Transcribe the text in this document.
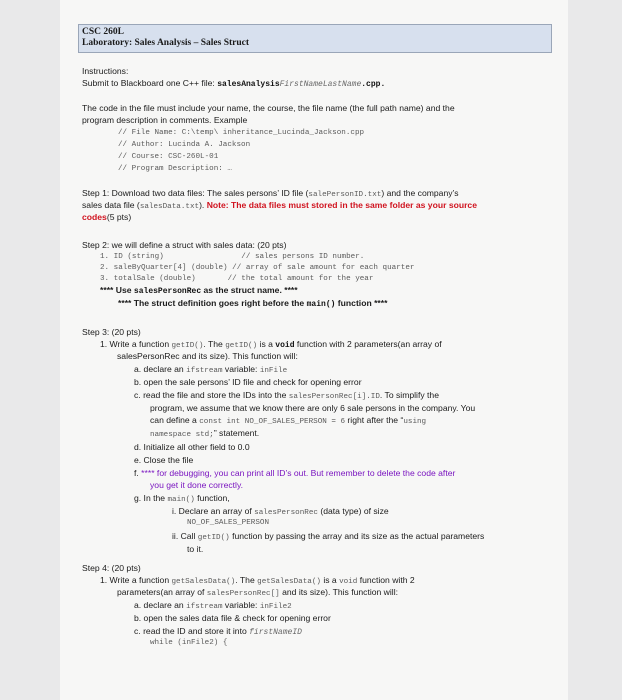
CSC 260L
Laboratory: Sales Analysis – Sales Struct
Instructions:
Submit to Blackboard one C++ file: salesAnalysisFirstNameLastName.cpp.
The code in the file must include your name, the course, the file name (the full path name) and the
program description in comments. Example
// File Name: C:\temp\ inheritance_Lucinda_Jackson.cpp
// Author: Lucinda A. Jackson
// Course: CSC-260L-01
// Program Description: …
Step 1: Download two data files: The sales persons’ ID file (salePersonID.txt) and the company’s
sales data file (salesData.txt). Note: The data files must stored in the same folder as your source
codes(5 pts)
Step 2: we will define a struct with sales data: (20 pts)
1. ID (string)                 // sales persons ID number.
2. saleByQuarter[4] (double) // array of sale amount for each quarter
3. totalSale (double)       // the total amount for the year
**** Use salesPersonRec as the struct name. ****
**** The struct definition goes right before the main() function ****
Step 3: (20 pts)
1. Write a function getID(). The getID() is a void function with 2 parameters(an array of
salesPersonRec and its size). This function will:
a. declare an ifstream variable: inFile
b. open the sale persons’ ID file and check for opening error
c. read the file and store the IDs into the salesPersonRec[i].ID. To simplify the
program, we assume that we know there are only 6 sale persons in the company. You
can define a const int NO_OF_SALES_PERSON = 6 right after the “using
namespace std;” statement.
d. Initialize all other field to 0.0
e. Close the file
f. **** for debugging, you can print all ID’s out. But remember to delete the code after
you get it done correctly.
g. In the main() function,
i. Declare an array of salesPersonRec (data type) of size
NO_OF_SALES_PERSON
ii. Call getID() function by passing the array and its size as the actual parameters
to it.
Step 4: (20 pts)
1. Write a function getSalesData(). The getSalesData() is a void function with 2
parameters(an array of salesPersonRec[] and its size). This function will:
a. declare an ifstream variable: inFile2
b. open the sales data file & check for opening error
c. read the ID and store it into firstNameID
while (inFile2) {
